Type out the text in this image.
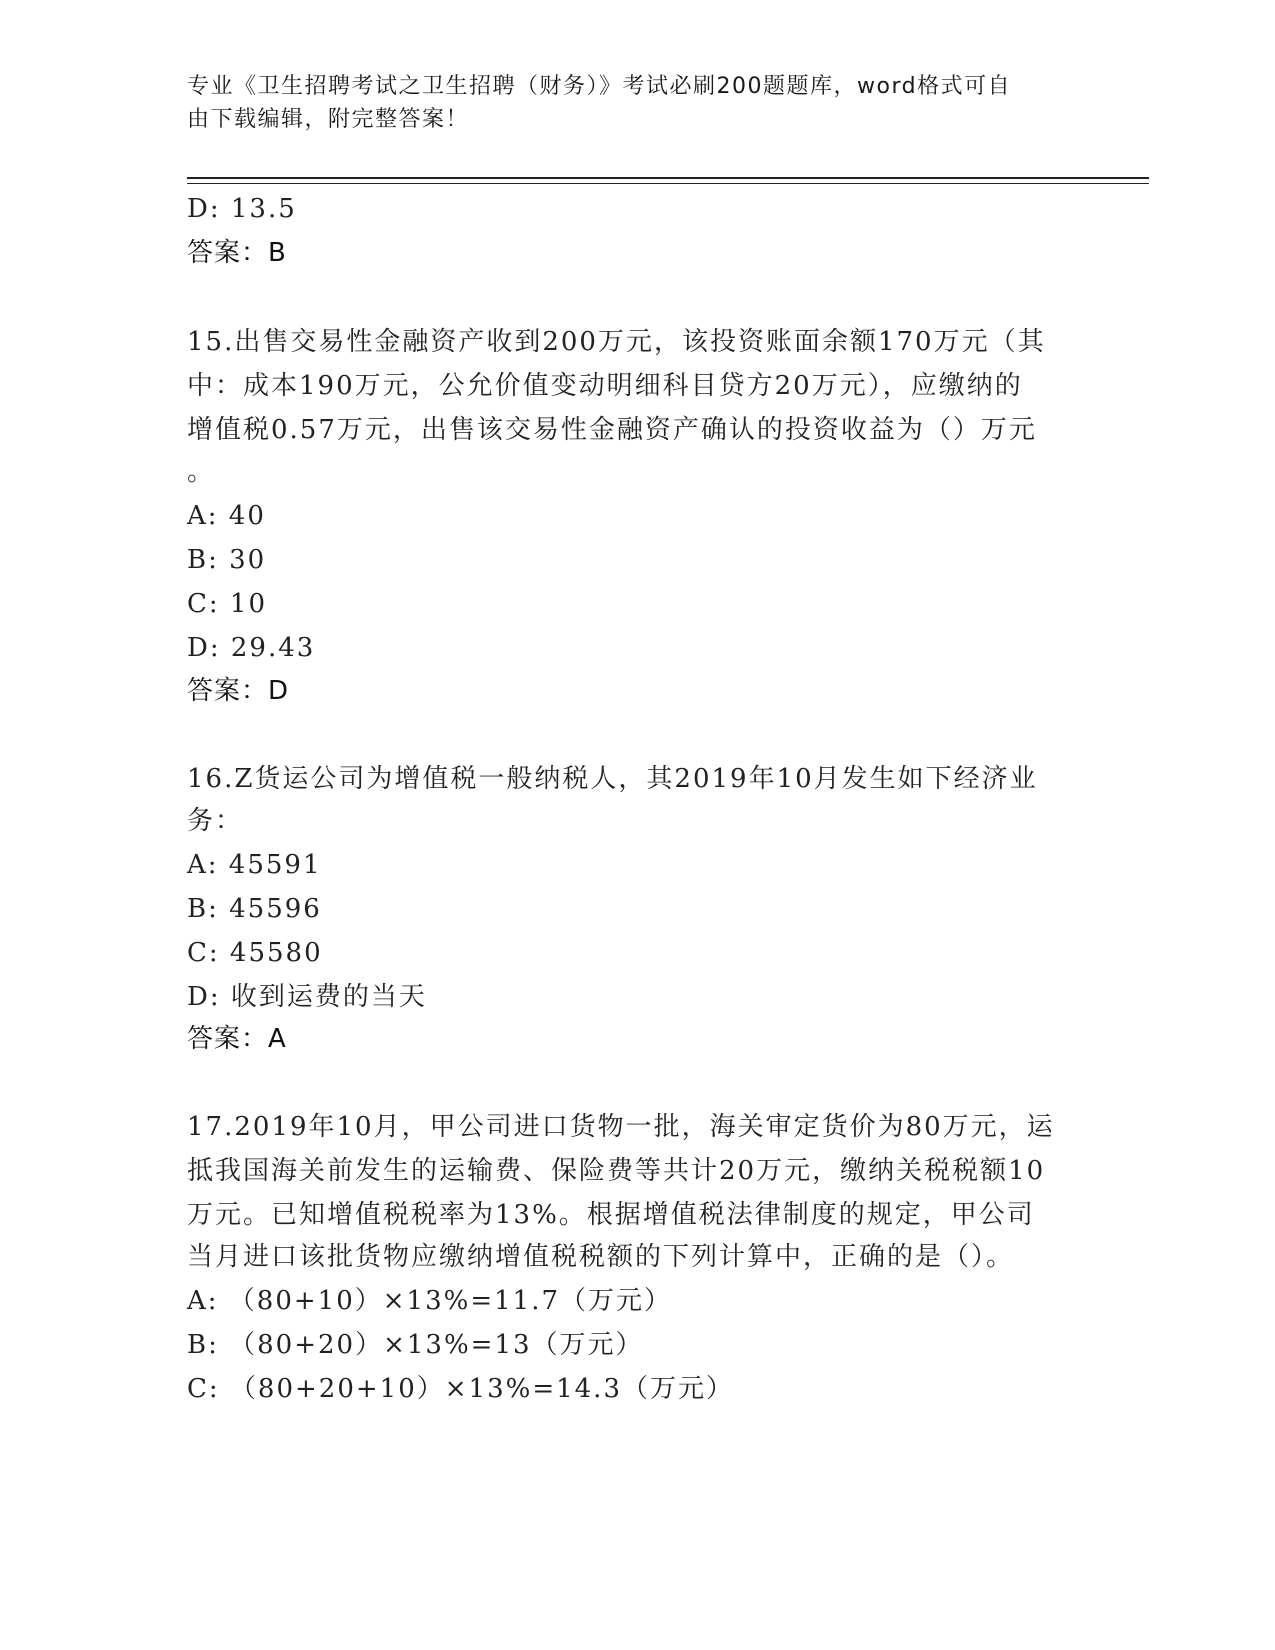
专业《卫生招聘考试之卫生招聘（财务）》考试必刷200题题库，word格式可自
由下载编辑，附完整答案！
D: 13.5
答案：B
15.出售交易性金融资产收到200万元，该投资账面余额170万元（其
中：成本190万元，公允价值变动明细科目贷方20万元），应缴纳的
增值税0.57万元，出售该交易性金融资产确认的投资收益为（）万元
。
A: 40
B: 30
C: 10
D: 29.43
答案：D
16.Z货运公司为增值税一般纳税人，其2019年10月发生如下经济业
务：
A: 45591
B: 45596
C: 45580
D: 收到运费的当天
答案：A
17.2019年10月，甲公司进口货物一批，海关审定货价为80万元，运
抵我国海关前发生的运输费、保险费等共计20万元，缴纳关税税额10
万元。已知增值税税率为13%。根据增值税法律制度的规定，甲公司
当月进口该批货物应缴纳增值税税额的下列计算中，正确的是（）。
A: （80+10）×13%=11.7（万元）
B: （80+20）×13%=13（万元）
C: （80+20+10）×13%=14.3（万元）
